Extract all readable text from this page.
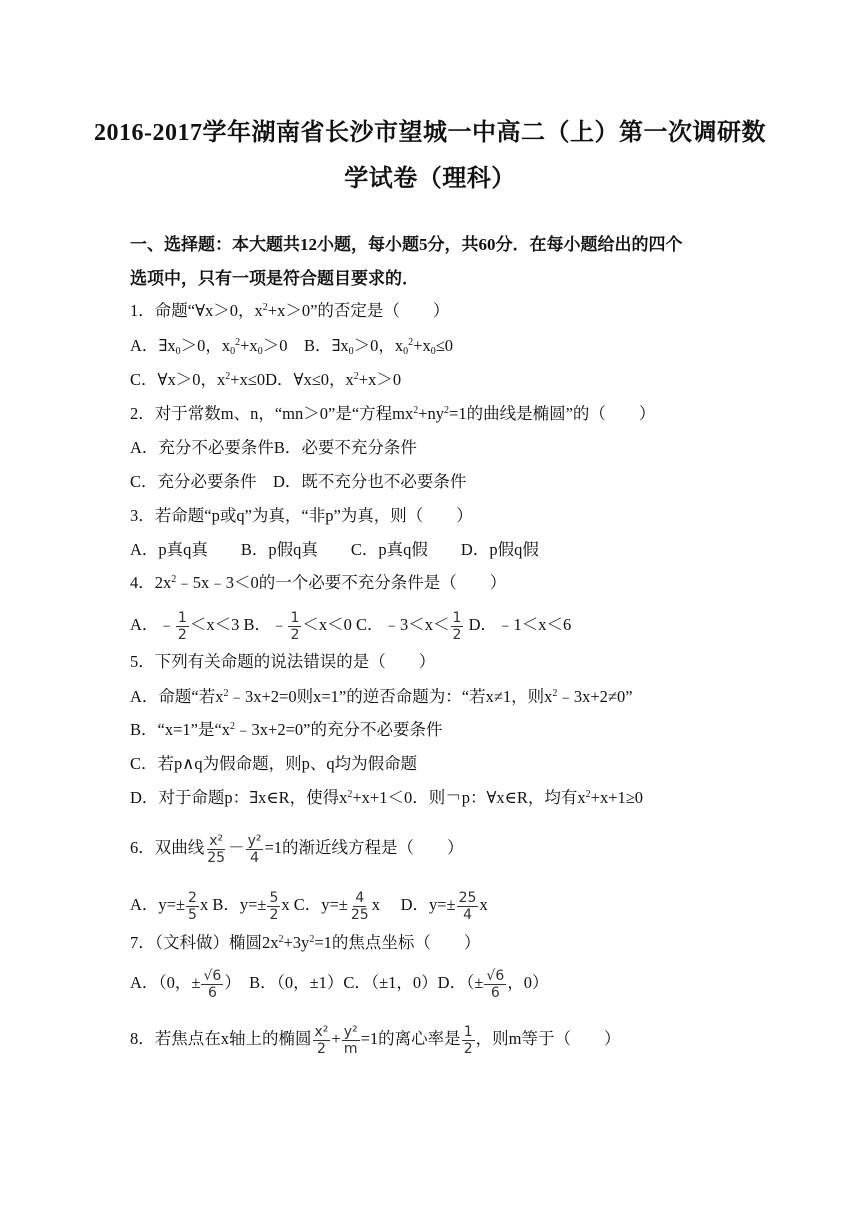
2016-2017学年湖南省长沙市望城一中高二（上）第一次调研数
学试卷（理科）
一、选择题：本大题共12小题，每小题5分，共60分．在每小题给出的四个
选项中，只有一项是符合题目要求的．
1．命题“∀x＞0，$x^2+x>0$”的否定是（　　）
A．$\exists x_0>0$，$x_0^2+x_0>0$　B．$\exists x_0>0$，$x_0^2+x_0\le 0$
C．∀x＞0，$x^2+x\le 0D$．∀x≤0，$x^2+x>0$
2．对于常数m、n，“mn＞0”是“方程$mx^2+ny^2=1$的曲线是椭圆”的（　　）
A．充分不必要条件B．必要不充分条件
C．充分必要条件　D．既不充分也不必要条件
3．若命题“p或q”为真，“非p”为真，则（　　）
A．p真q真　　B．p假q真　　C．p真q假　　D．p假q假
4．$2x^2﹣5x﹣3<0$的一个必要不充分条件是（　　）
A．﹣ $\frac{1}{2} <x<3$ B．﹣ $\frac{1}{2} <x<0$ C．﹣3＜x＜ $\frac{1}{2}$ D．﹣1＜x＜6
5．下列有关命题的说法错误的是（　　）
A．命题“若$x^2﹣3x+2=0$则x=1”的逆否命题为：“若x≠1，则$x^2﹣3x+2\ne 0$”
B．“x=1”是“$x^2﹣3x+2=0$”的充分不必要条件
C．若p∧q为假命题，则p、q均为假命题
D．对于命题p：∃x∈R，使得$x^2+x+1<0$．则￢p：∀x∈R，均有$x^2+x+1\ge 0$
6．双曲线 $\frac{\text{x²}}{25} - \frac{\text{y²}}{4} =1$的渐近线方程是（　　）
A．$y=\pm \frac{2}{5}$ x B．$y=\pm \frac{5}{2}$ x C．$y=\pm \frac{4}{25}$ x　 D．$y=\pm \frac{25}{4}$ x
7．（文科做）椭圆$2x^2+3y^2=1$的焦点坐标（　　）
A．（0，± $\frac{√6}{6}$ ）　B．（0，±1）C．（±1，0）D．（± $\frac{√6}{6}$ ，0）
8．若焦点在x轴上的椭圆 $\frac{\text{x²}}{2} + \frac{\text{y²}}{m} =1$的离心率是 $\frac{1}{2}$ ，则m等于（　　）
